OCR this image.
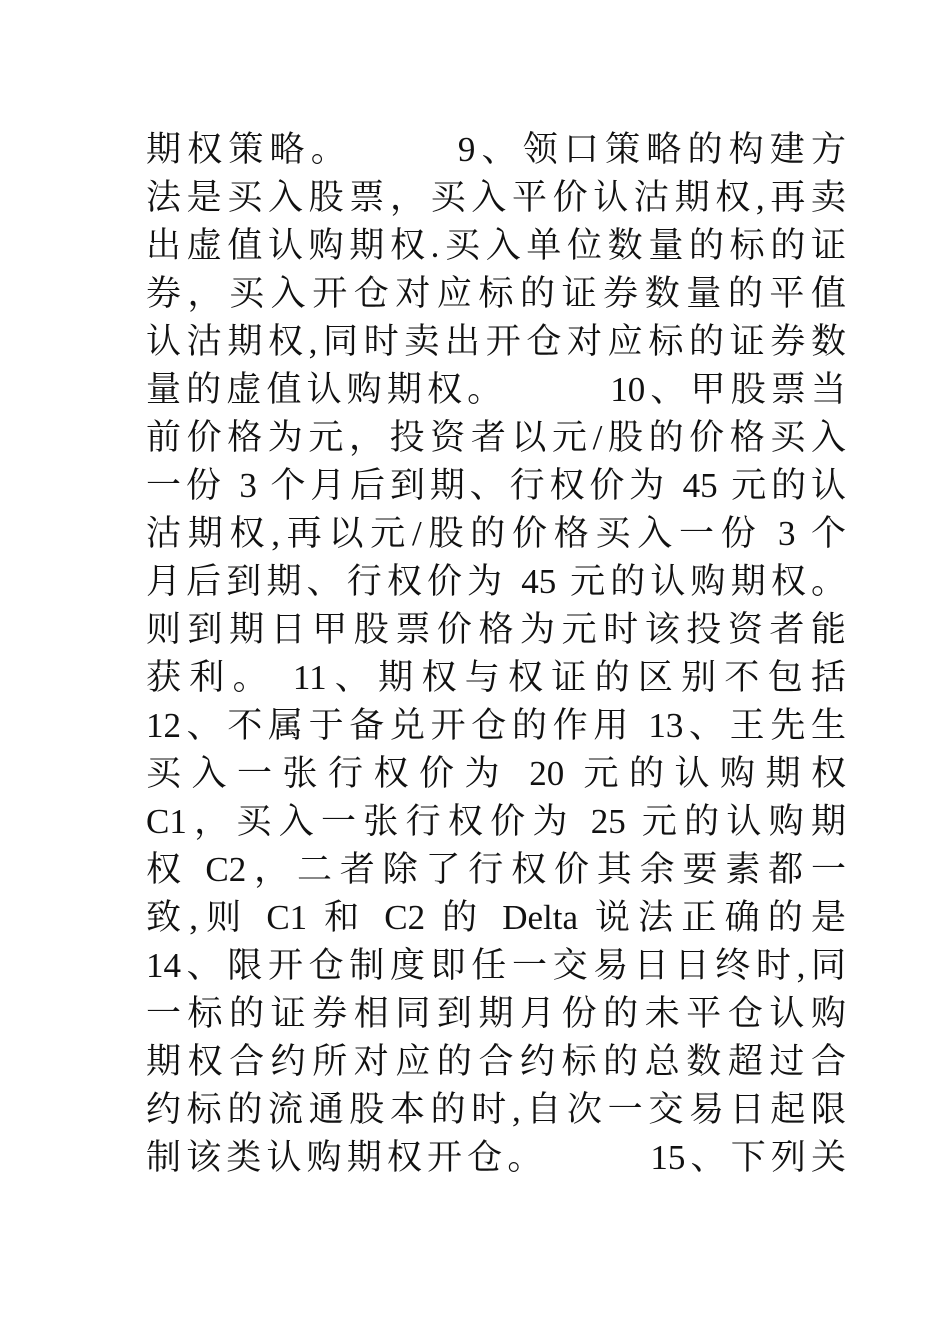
期权策略。　　　9、领口策略的构建方
法是买入股票，买入平价认沽期权,再卖
出虚值认购期权.买入单位数量的标的证
券，买入开仓对应标的证券数量的平值
认沽期权,同时卖出开仓对应标的证券数
量的虚值认购期权。　　　10、甲股票当
前价格为元，投资者以元/股的价格买入
一份 3 个月后到期、行权价为 45 元的认
沽期权,再以元/股的价格买入一份 3 个
月后到期、行权价为 45 元的认购期权。
则到期日甲股票价格为元时该投资者能
获利。 11、期权与权证的区别不包括
12、不属于备兑开仓的作用 13、王先生
买入一张行权价为 20 元的认购期权
C1，买入一张行权价为 25 元的认购期
权 C2，二者除了行权价其余要素都一
致,则 C1 和 C2 的 Delta 说法正确的是
14、限开仓制度即任一交易日日终时,同
一标的证券相同到期月份的未平仓认购
期权合约所对应的合约标的总数超过合
约标的流通股本的时,自次一交易日起限
制该类认购期权开仓。　　　15、下列关
